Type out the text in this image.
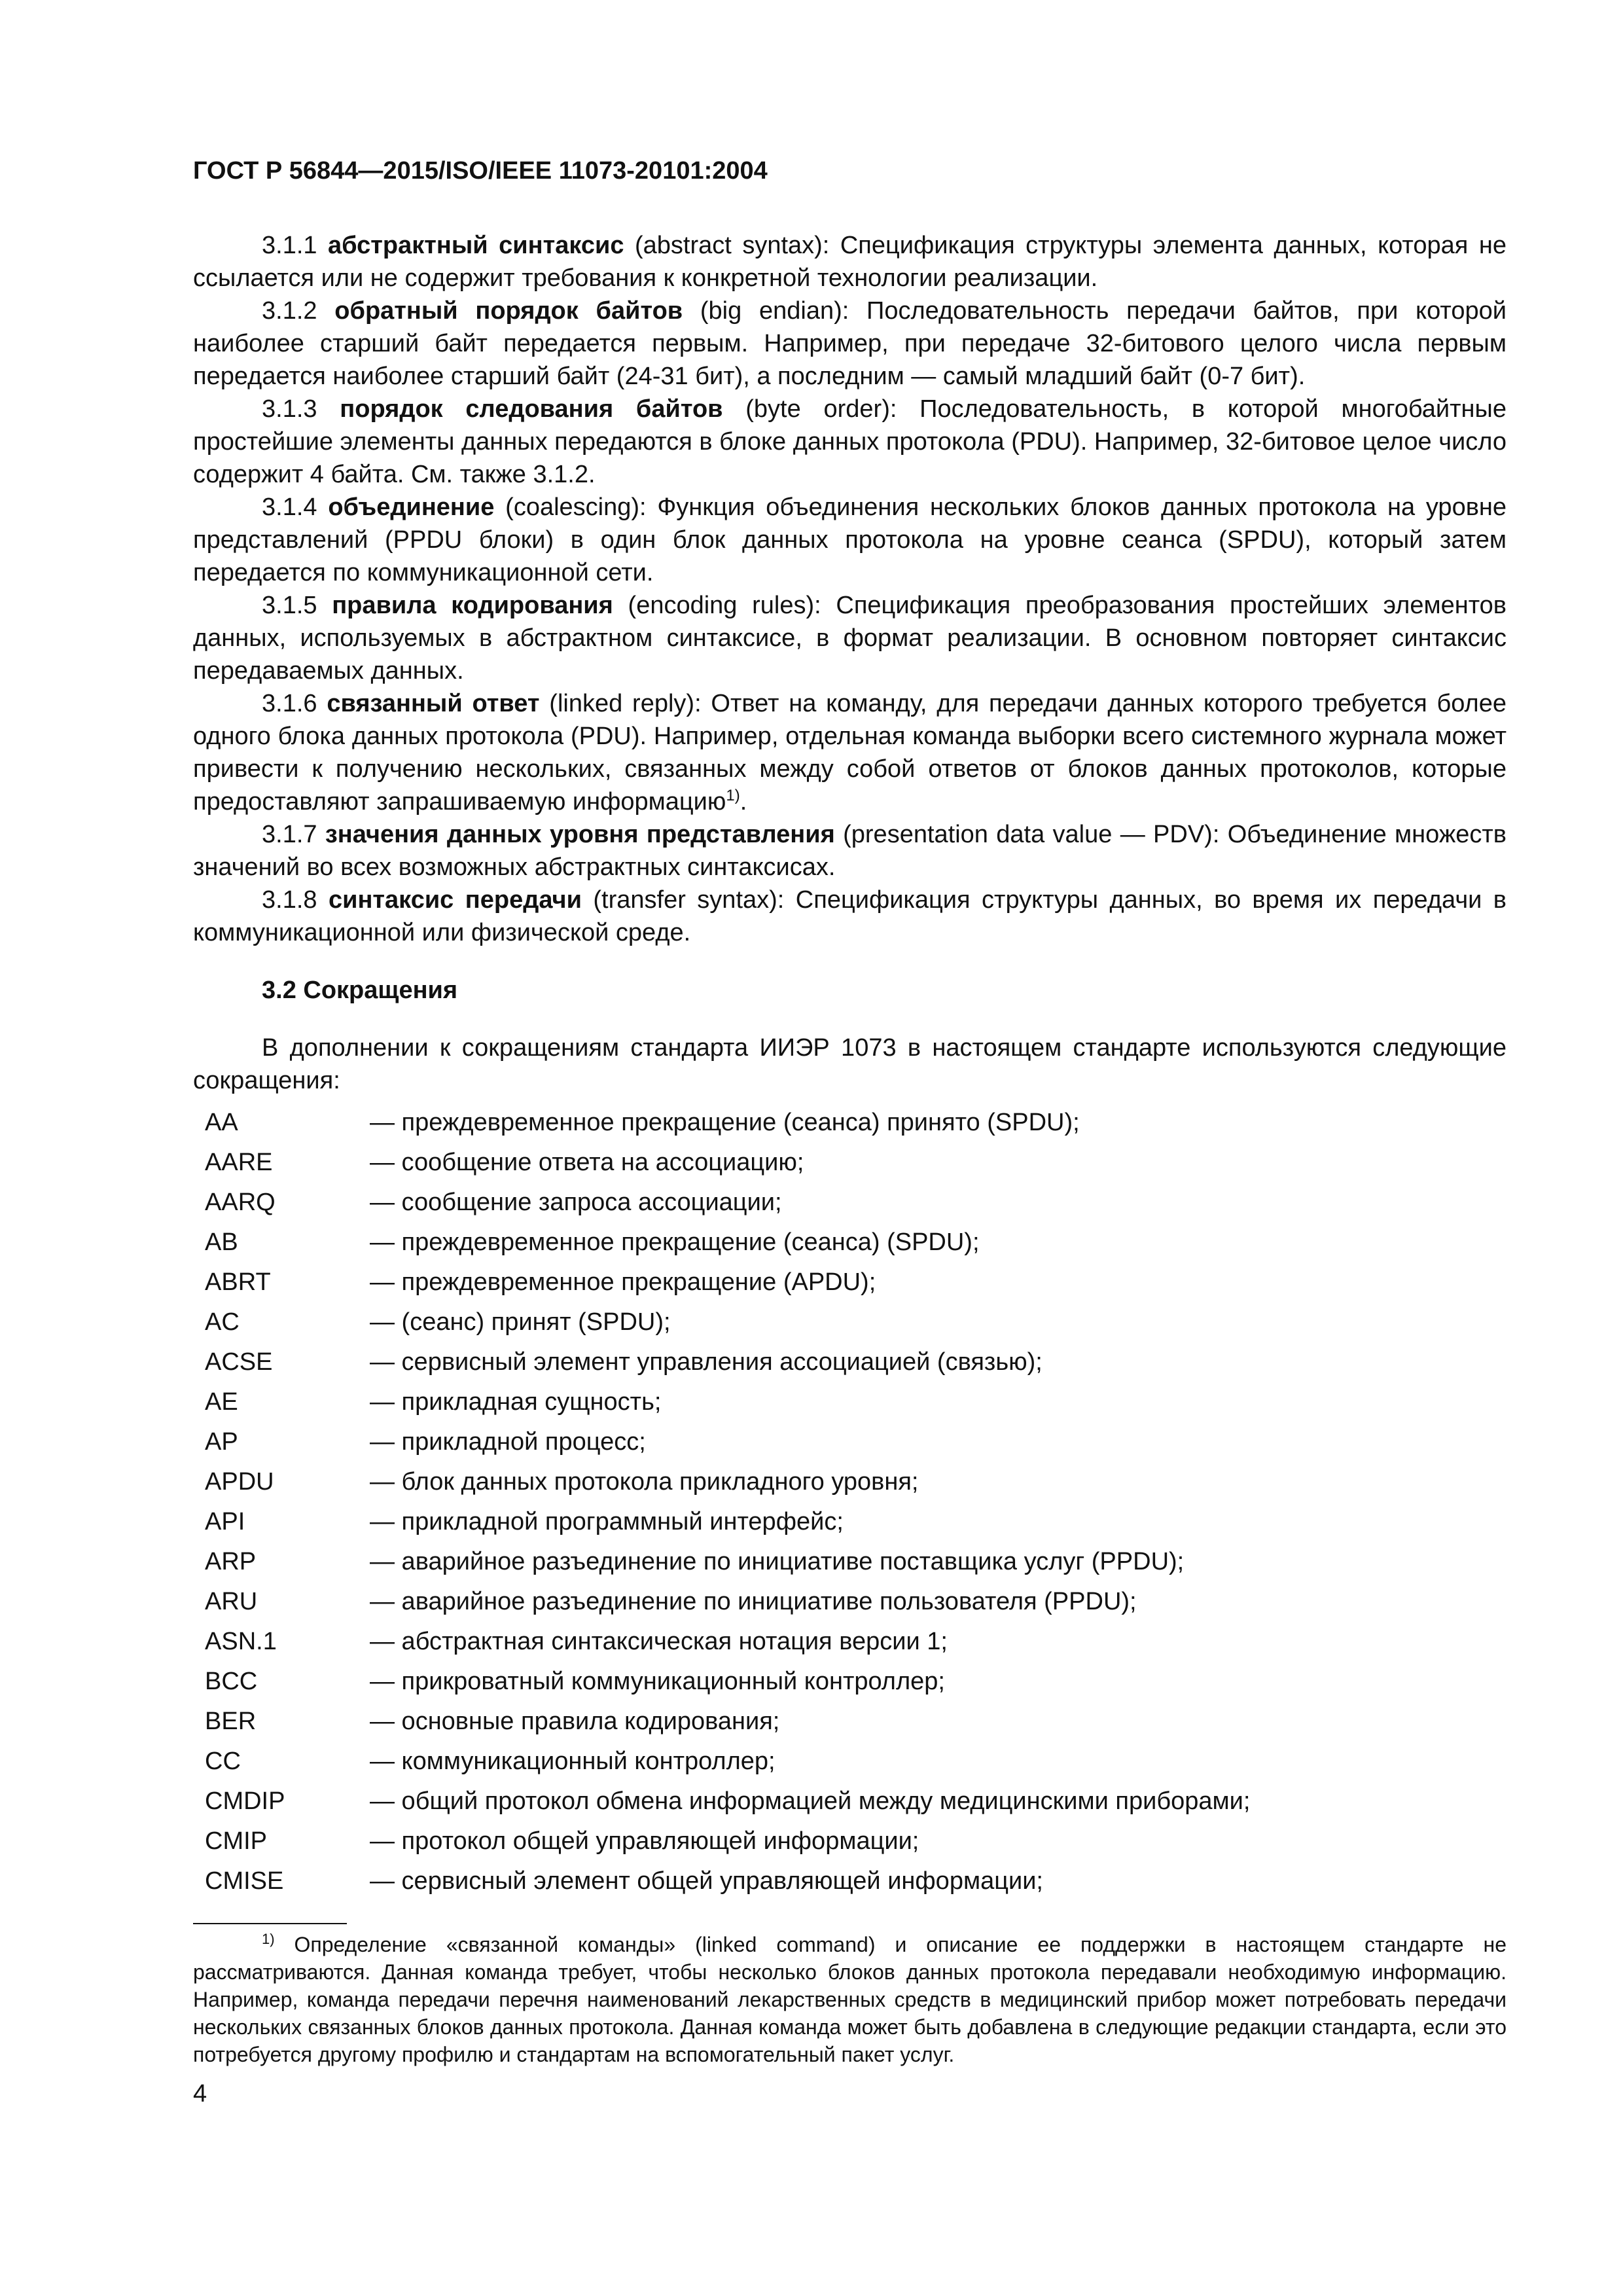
ГОСТ Р 56844—2015/ISO/IEEE 11073-20101:2004

3.1.1 абстрактный синтаксис (abstract syntax): Спецификация структуры элемента данных, которая не ссылается или не содержит требования к конкретной технологии реализации.

3.1.2 обратный порядок байтов (big endian): Последовательность передачи байтов, при которой наиболее старший байт передается первым. Например, при передаче 32-битового целого числа первым передается наиболее старший байт (24-31 бит), а последним — самый младший байт (0-7 бит).

3.1.3 порядок следования байтов (byte order): Последовательность, в которой многобайтные простейшие элементы данных передаются в блоке данных протокола (PDU). Например, 32-битовое целое число содержит 4 байта. См. также 3.1.2.

3.1.4 объединение (coalescing): Функция объединения нескольких блоков данных протокола на уровне представлений (PPDU блоки) в один блок данных протокола на уровне сеанса (SPDU), который затем передается по коммуникационной сети.

3.1.5 правила кодирования (encoding rules): Спецификация преобразования простейших элементов данных, используемых в абстрактном синтаксисе, в формат реализации. В основном повторяет синтаксис передаваемых данных.

3.1.6 связанный ответ (linked reply): Ответ на команду, для передачи данных которого требуется более одного блока данных протокола (PDU). Например, отдельная команда выборки всего системного журнала может привести к получению нескольких, связанных между собой ответов от блоков данных протоколов, которые предоставляют запрашиваемую информацию$^{1)}$.

3.1.7 значения данных уровня представления (presentation data value — PDV): Объединение множеств значений во всех возможных абстрактных синтаксисах.

3.1.8 синтаксис передачи (transfer syntax): Спецификация структуры данных, во время их передачи в коммуникационной или физической среде.

3.2 Сокращения

В дополнении к сокращениям стандарта ИИЭР 1073 в настоящем стандарте используются следующие сокращения:

AA	— преждевременное прекращение (сеанса) принято (SPDU);
AARE	— сообщение ответа на ассоциацию;
AARQ	— сообщение запроса ассоциации;
AB	— преждевременное прекращение (сеанса) (SPDU);
ABRT	— преждевременное прекращение (APDU);
AC	— (сеанс) принят (SPDU);
ACSE	— сервисный элемент управления ассоциацией (связью);
AE	— прикладная сущность;
AP	— прикладной процесс;
APDU	— блок данных протокола прикладного уровня;
API	— прикладной программный интерфейс;
ARP	— аварийное разъединение по инициативе поставщика услуг (PPDU);
ARU	— аварийное разъединение по инициативе пользователя (PPDU);
ASN.1	— абстрактная синтаксическая нотация версии 1;
BCC	— прикроватный коммуникационный контроллер;
BER	— основные правила кодирования;
CC	— коммуникационный контроллер;
CMDIP	— общий протокол обмена информацией между медицинскими приборами;
CMIP	— протокол общей управляющей информации;
CMISE	— сервисный элемент общей управляющей информации;

$^{1)}$ Определение «связанной команды» (linked command) и описание ее поддержки в настоящем стандарте не рассматриваются. Данная команда требует, чтобы несколько блоков данных протокола передавали необходимую информацию. Например, команда передачи перечня наименований лекарственных средств в медицинский прибор может потребовать передачи нескольких связанных блоков данных протокола. Данная команда может быть добавлена в следующие редакции стандарта, если это потребуется другому профилю и стандартам на вспомогательный пакет услуг.

4
